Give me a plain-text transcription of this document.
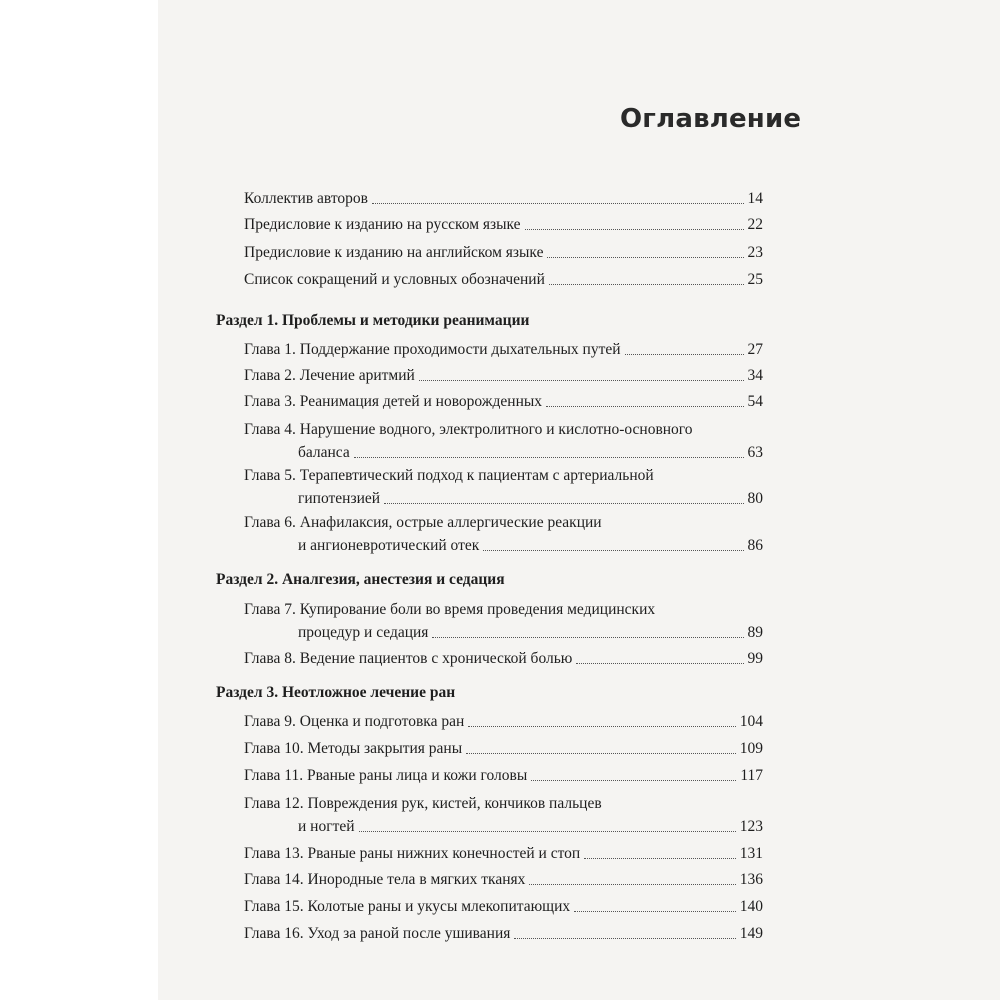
Оглавление
Коллектив авторов	14
Предисловие к изданию на русском языке	22
Предисловие к изданию на английском языке	23
Список сокращений и условных обозначений	25
Раздел 1. Проблемы и методики реанимации
Глава 1. Поддержание проходимости дыхательных путей	27
Глава 2. Лечение аритмий	34
Глава 3. Реанимация детей и новорожденных	54
Глава 4. Нарушение водного, электролитного и кислотно-основного
баланса	63
Глава 5. Терапевтический подход к пациентам с артериальной
гипотензией	80
Глава 6. Анафилаксия, острые аллергические реакции
и ангионевротический отек	86
Раздел 2. Аналгезия, анестезия и седация
Глава 7. Купирование боли во время проведения медицинских
процедур и седация	89
Глава 8. Ведение пациентов с хронической болью	99
Раздел 3. Неотложное лечение ран
Глава 9. Оценка и подготовка ран	104
Глава 10. Методы закрытия раны	109
Глава 11. Рваные раны лица и кожи головы	117
Глава 12. Повреждения рук, кистей, кончиков пальцев
и ногтей	123
Глава 13. Рваные раны нижних конечностей и стоп	131
Глава 14. Инородные тела в мягких тканях	136
Глава 15. Колотые раны и укусы млекопитающих	140
Глава 16. Уход за раной после ушивания	149
